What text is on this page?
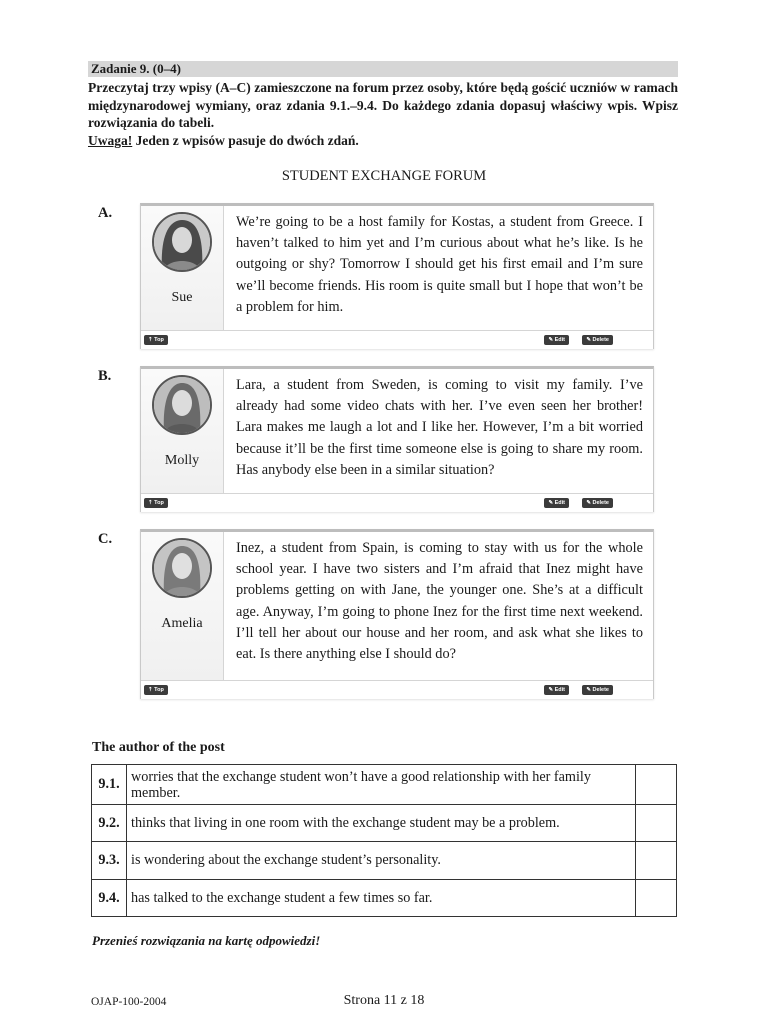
Zadanie 9. (0–4)
Przeczytaj trzy wpisy (A–C) zamieszczone na forum przez osoby, które będą gościć uczniów w ramach międzynarodowej wymiany, oraz zdania 9.1.–9.4. Do każdego zdania dopasuj właściwy wpis. Wpisz rozwiązania do tabeli.
Uwaga! Jeden z wpisów pasuje do dwóch zdań.
STUDENT EXCHANGE FORUM
A.
Sue
We’re going to be a host family for Kostas, a student from Greece. I haven’t talked to him yet and I’m curious about what he’s like. Is he outgoing or shy? Tomorrow I should get his first email and I’m sure we’ll become friends. His room is quite small but I hope that won’t be a problem for him.
⇡ Top	✎ Edit	✎ Delete
B.
Molly
Lara, a student from Sweden, is coming to visit my family. I’ve already had some video chats with her. I’ve even seen her brother! Lara makes me laugh a lot and I like her. However, I’m a bit worried because it’ll be the first time someone else is going to share my room. Has anybody else been in a similar situation?
⇡ Top	✎ Edit	✎ Delete
C.
Amelia
Inez, a student from Spain, is coming to stay with us for the whole school year. I have two sisters and I’m afraid that Inez might have problems getting on with Jane, the younger one. She’s at a difficult age. Anyway, I’m going to phone Inez for the first time next weekend. I’ll tell her about our house and her room, and ask what she likes to eat. Is there anything else I should do?
⇡ Top	✎ Edit	✎ Delete
The author of the post
9.1.	worries that the exchange student won’t have a good relationship with her family member.	
9.2.	thinks that living in one room with the exchange student may be a problem.	
9.3.	is wondering about the exchange student’s personality.	
9.4.	has talked to the exchange student a few times so far.	
Przenieś rozwiązania na kartę odpowiedzi!
OJAP-100-2004	Strona 11 z 18
